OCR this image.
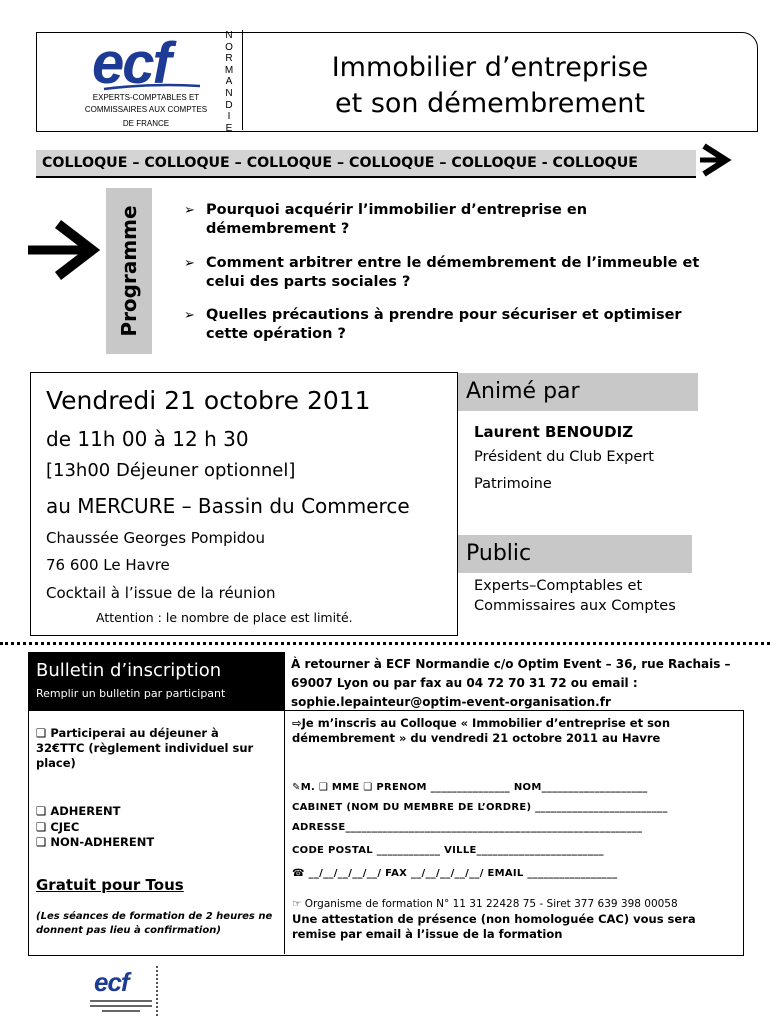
ecf
EXPERTS-COMPTABLES ET
COMMISSAIRES AUX COMPTES
DE FRANCE
N
O
R
M
A
N
D
I
E
Immobilier d’entreprise
et son démembrement
COLLOQUE – COLLOQUE – COLLOQUE – COLLOQUE – COLLOQUE - COLLOQUE
Programme	➢ Pourquoi acquérir l’immobilier d’entreprise en
démembrement ?
➢ Comment arbitrer entre le démembrement de l’immeuble et
celui des parts sociales ?
➢ Quelles précautions à prendre pour sécuriser et optimiser
cette opération ?
Vendredi 21 octobre 2011
de 11h 00 à 12 h 30
[13h00 Déjeuner optionnel]
au MERCURE – Bassin du Commerce
Chaussée Georges Pompidou
76 600 Le Havre
Cocktail à l’issue de la réunion
Attention : le nombre de place est limité.
Animé par
Laurent BENOUDIZ
Président du Club Expert
Patrimoine
Public
Experts–Comptables et
Commissaires aux Comptes
Bulletin d’inscription
Remplir un bulletin par participant
À retourner à ECF Normandie c/o Optim Event – 36, rue Rachais –
69007 Lyon ou par fax au 04 72 70 31 72 ou email :
sophie.lepainteur@optim-event-organisation.fr
❑ Participerai au déjeuner à
32€TTC (règlement individuel sur
place)
❑ ADHERENT
❑ CJEC
❑ NON-ADHERENT
Gratuit pour Tous
(Les séances de formation de 2 heures ne
donnent pas lieu à confirmation)
⇨Je m’inscris au Colloque « Immobilier d’entreprise et son
démembrement » du vendredi 21 octobre 2011 au Havre
✎M. ❑ MME ❑ PRENOM _______________ NOM____________________
CABINET (NOM DU MEMBRE DE L’ORDRE) _________________________
ADRESSE________________________________________________________
CODE POSTAL ____________ VILLE________________________
☎ __/__/__/__/__/ FAX __/__/__/__/__/ EMAIL _________________
☞ Organisme de formation N° 11 31 22428 75 - Siret 377 639 398 00058
Une attestation de présence (non homologuée CAC) vous sera
remise par email à l’issue de la formation
ecf
